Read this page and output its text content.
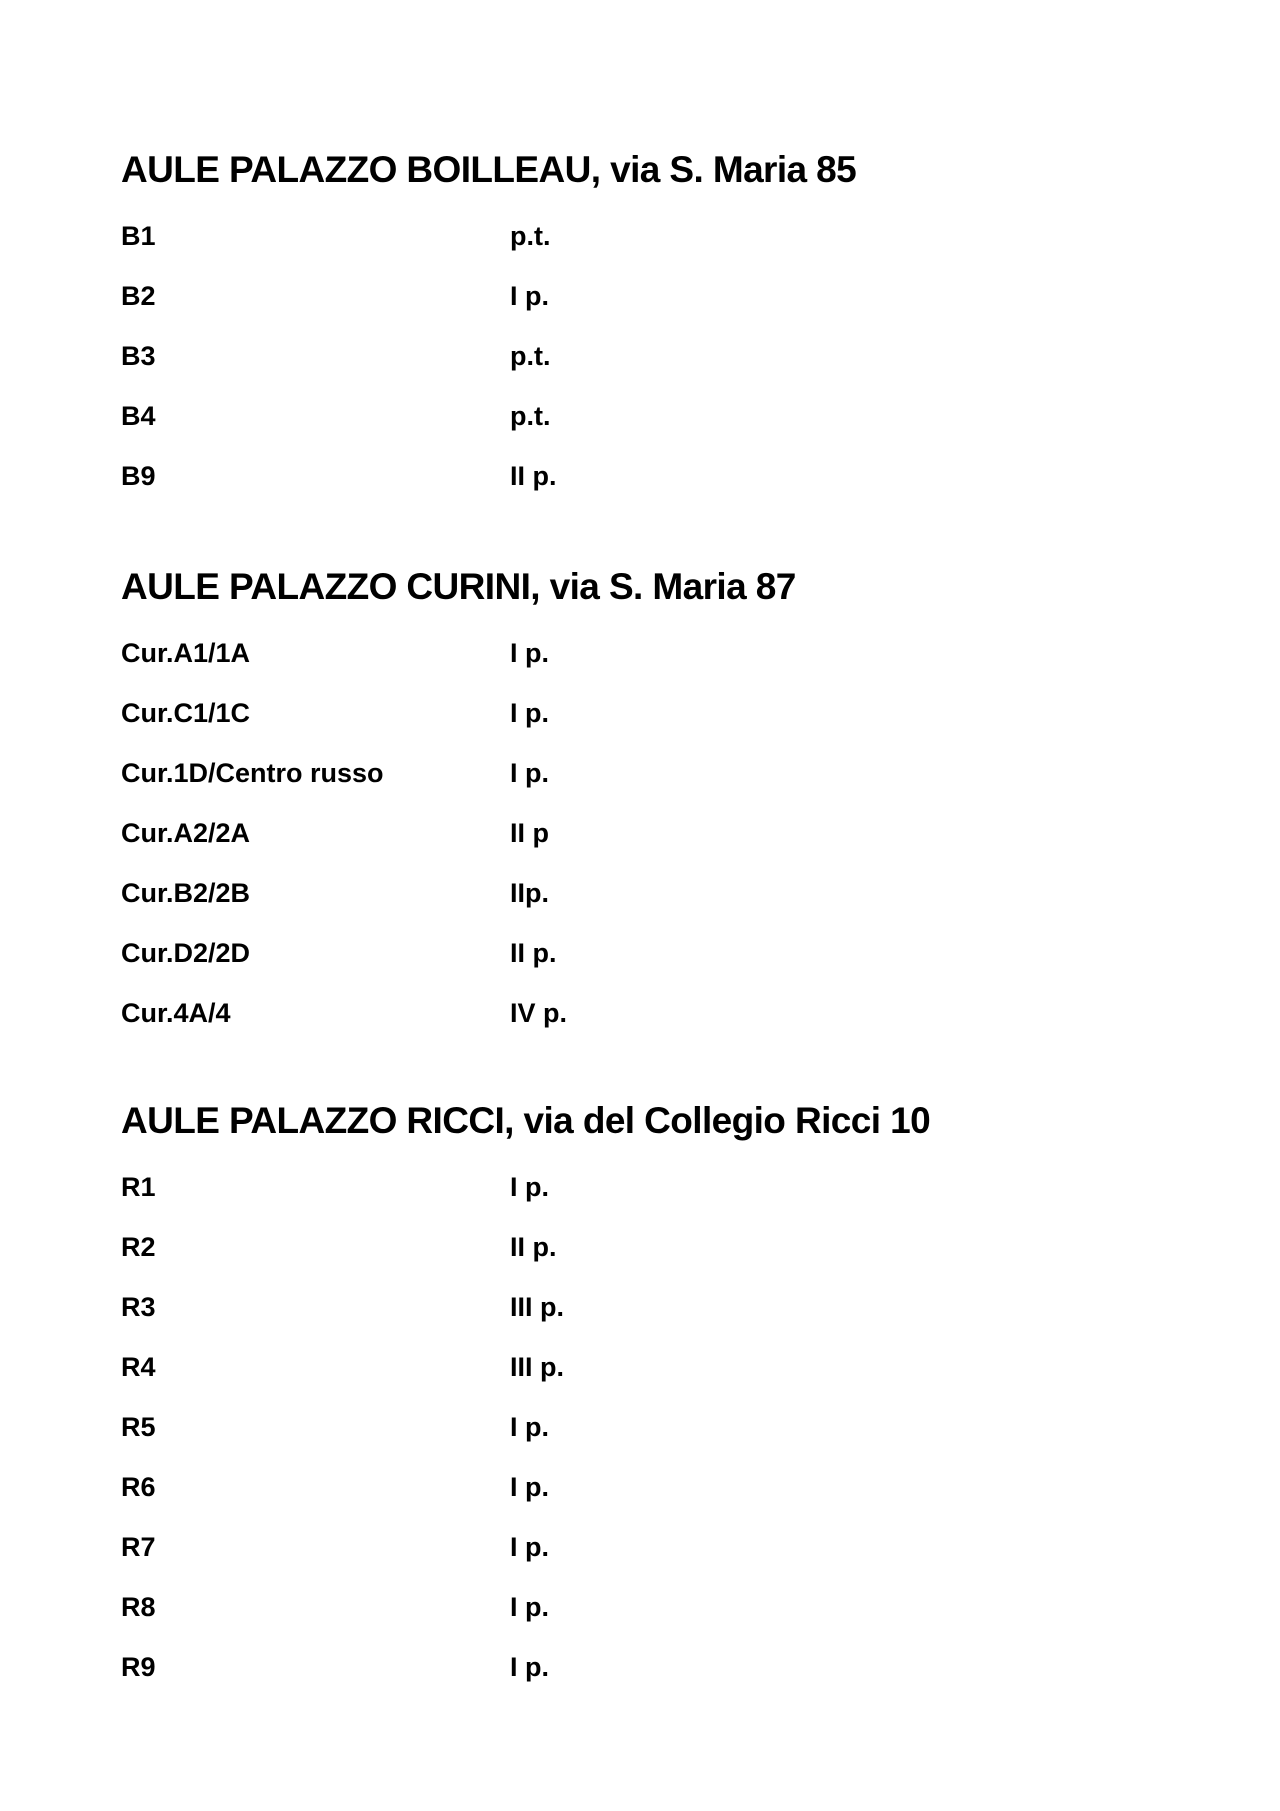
AULE PALAZZO BOILLEAU, via S. Maria 85
B1	p.t.
B2	I p.
B3	p.t.
B4	p.t.
B9	II p.
AULE PALAZZO CURINI, via S. Maria 87
Cur.A1/1A	I p.
Cur.C1/1C	I p.
Cur.1D/Centro russo	I p.
Cur.A2/2A	II p
Cur.B2/2B	IIp.
Cur.D2/2D	II p.
Cur.4A/4	IV p.
AULE PALAZZO RICCI, via del Collegio Ricci 10
R1	I p.
R2	II p.
R3	III p.
R4	III p.
R5	I p.
R6	I p.
R7	I p.
R8	I p.
R9	I p.
